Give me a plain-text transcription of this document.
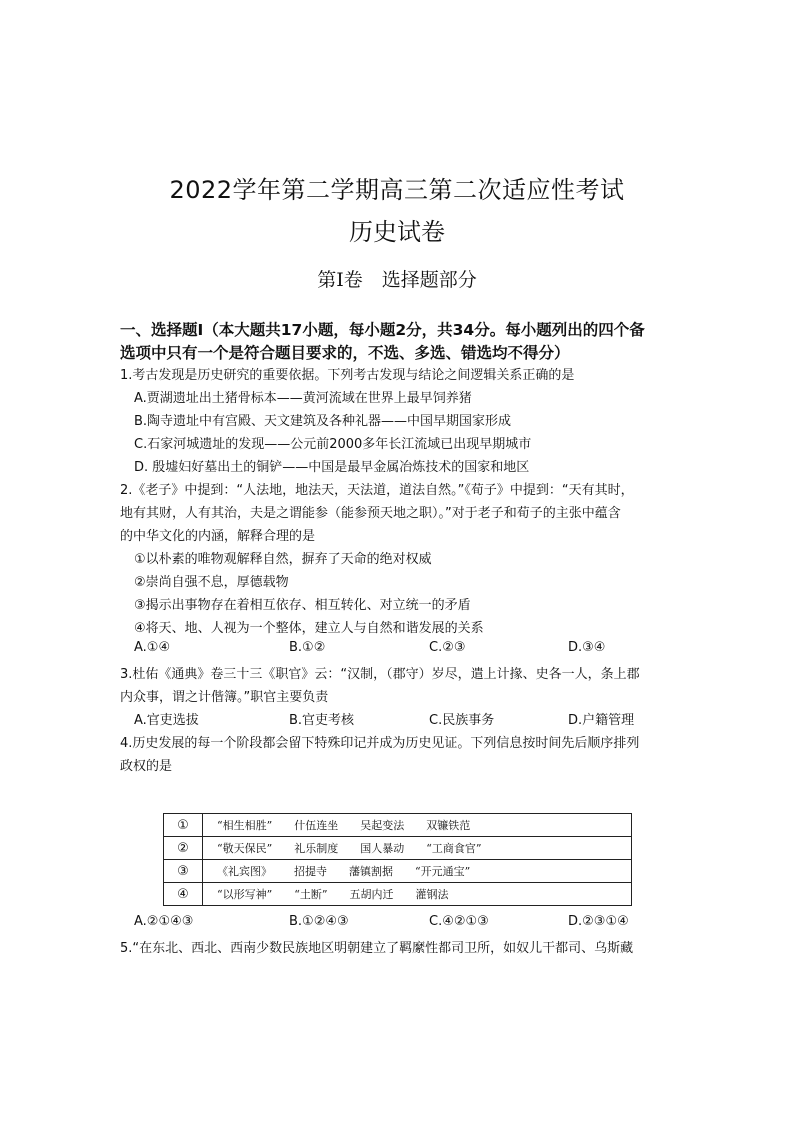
2022学年第二学期高三第二次适应性考试
历史试卷
第Ⅰ卷　选择题部分
一、选择题Ⅰ（本大题共17小题，每小题2分，共34分。每小题列出的四个备
选项中只有一个是符合题目要求的，不选、多选、错选均不得分）
1.考古发现是历史研究的重要依据。下列考古发现与结论之间逻辑关系正确的是
A.贾湖遗址出土猪骨标本——黄河流域在世界上最早饲养猪
B.陶寺遗址中有宫殿、天文建筑及各种礼器——中国早期国家形成
C.石家河城遗址的发现——公元前2000多年长江流域已出现早期城市
D. 殷墟妇好墓出土的铜铲——中国是最早金属冶炼技术的国家和地区
2.《老子》中提到：“人法地，地法天，天法道，道法自然。”《荀子》中提到：“天有其时，
地有其财，人有其治，夫是之谓能参（能参预天地之职）。”对于老子和荀子的主张中蕴含
的中华文化的内涵，解释合理的是
①以朴素的唯物观解释自然，摒弃了天命的绝对权威
②崇尚自强不息，厚德载物
③揭示出事物存在着相互依存、相互转化、对立统一的矛盾
④将天、地、人视为一个整体，建立人与自然和谐发展的关系
A.①④	B.①②	C.②③	D.③④
3.杜佑《通典》卷三十三《职官》云：“汉制，（郡守）岁尽，遣上计掾、史各一人，条上郡
内众事，谓之计偕簿。”职官主要负责
A.官吏选拔	B.官吏考核	C.民族事务	D.户籍管理
4.历史发展的每一个阶段都会留下特殊印记并成为历史见证。下列信息按时间先后顺序排列
政权的是
①	“相生相胜” 什伍连坐 吴起变法 双镰铁范
②	“敬天保民” 礼乐制度 国人暴动 “工商食官”
③	《礼宾图》 招提寺 藩镇割据 “开元通宝”
④	“以形写神” “土断” 五胡内迁 灌钢法
A.②①④③	B.①②④③	C.④②①③	D.②③①④
5.“在东北、西北、西南少数民族地区明朝建立了羁縻性都司卫所，如奴儿干都司、乌斯藏
